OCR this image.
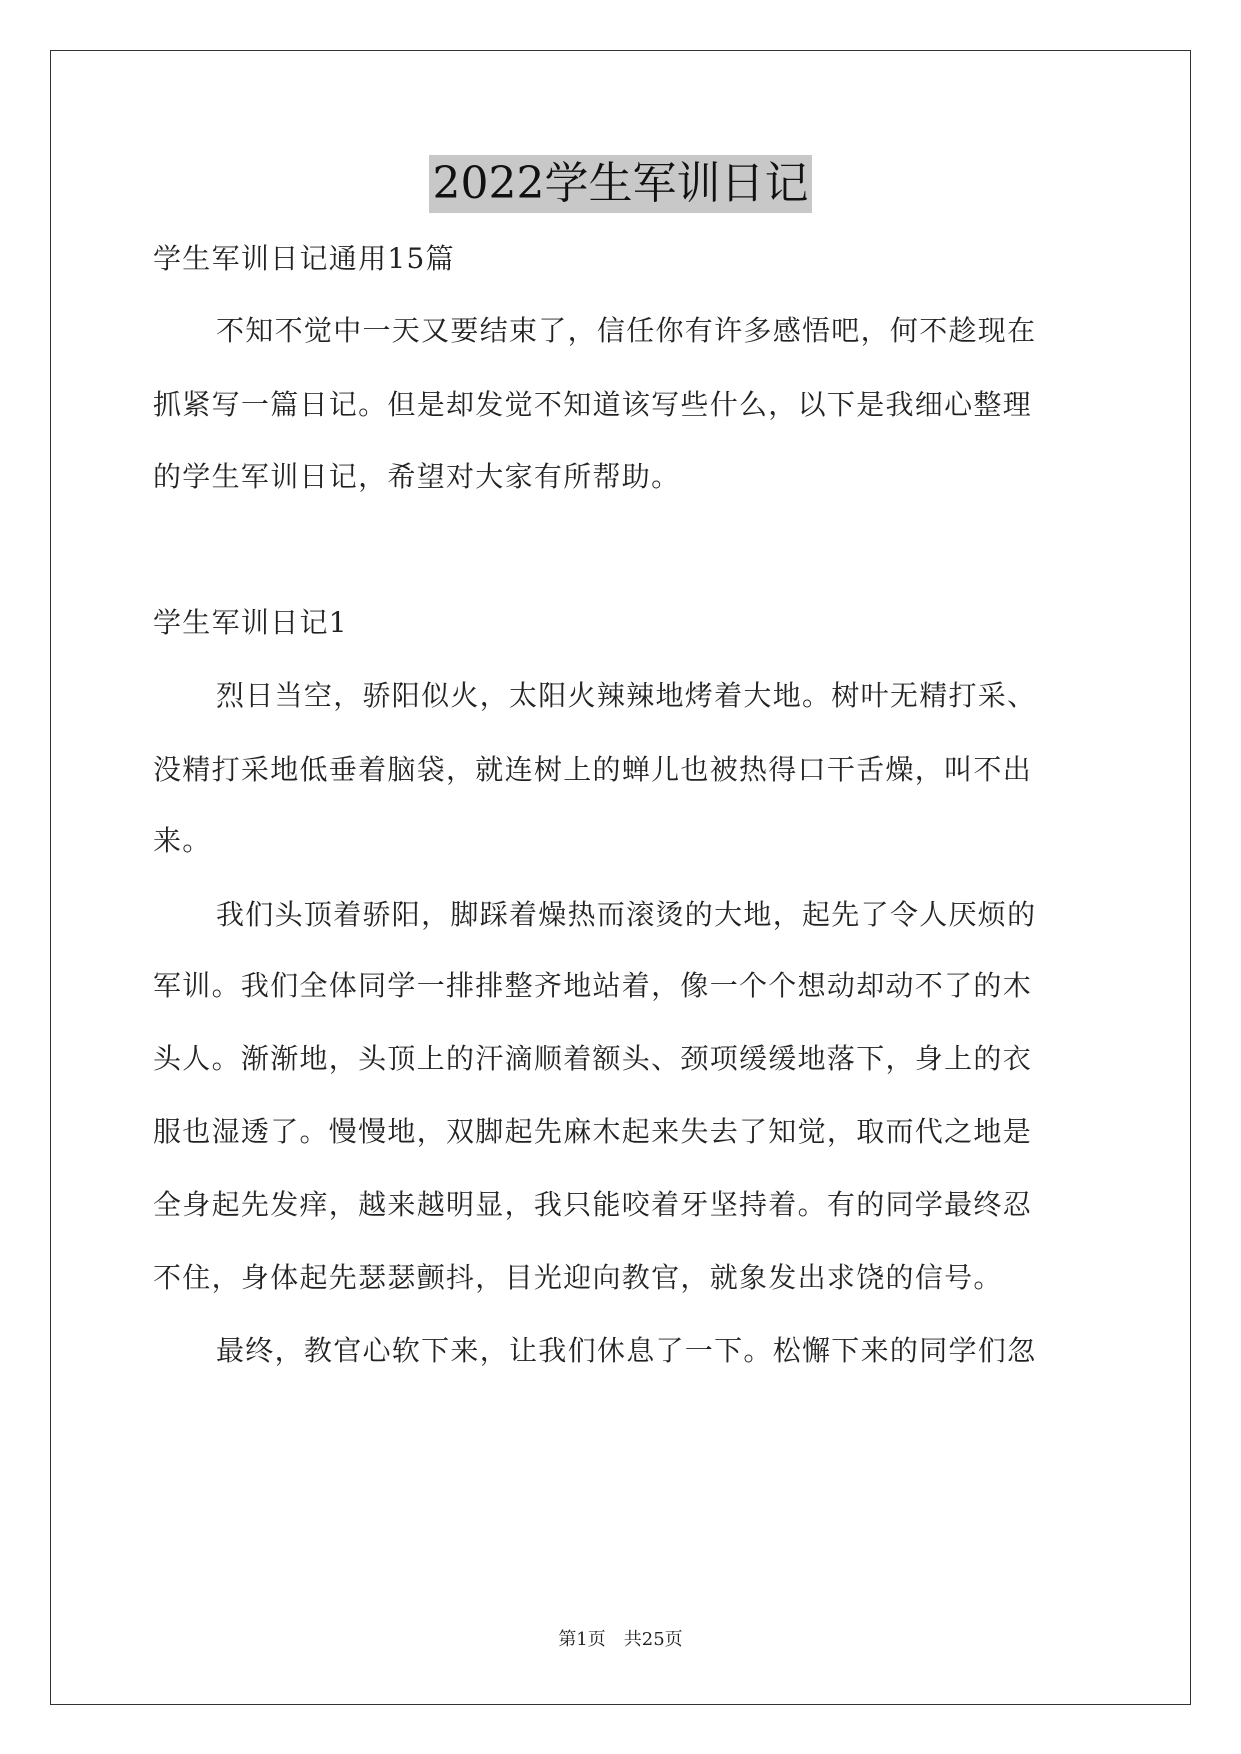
2022学生军训日记
学生军训日记通用15篇
不知不觉中一天又要结束了，信任你有许多感悟吧，何不趁现在
抓紧写一篇日记。但是却发觉不知道该写些什么，以下是我细心整理
的学生军训日记，希望对大家有所帮助。
学生军训日记1
烈日当空，骄阳似火，太阳火辣辣地烤着大地。树叶无精打采、
没精打采地低垂着脑袋，就连树上的蝉儿也被热得口干舌燥，叫不出
来。
我们头顶着骄阳，脚踩着燥热而滚烫的大地，起先了令人厌烦的
军训。我们全体同学一排排整齐地站着，像一个个想动却动不了的木
头人。渐渐地，头顶上的汗滴顺着额头、颈项缓缓地落下，身上的衣
服也湿透了。慢慢地，双脚起先麻木起来失去了知觉，取而代之地是
全身起先发痒，越来越明显，我只能咬着牙坚持着。有的同学最终忍
不住，身体起先瑟瑟颤抖，目光迎向教官，就象发出求饶的信号。
最终，教官心软下来，让我们休息了一下。松懈下来的同学们忽
第1页　共25页
